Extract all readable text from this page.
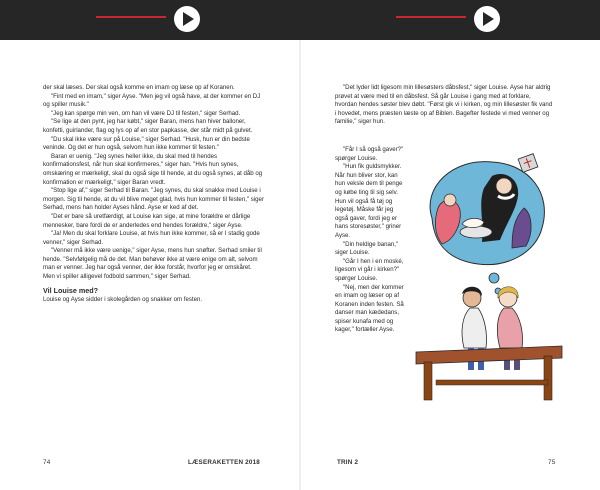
der skal læses. Der skal også komme en imam og læse op af Koranen.

"Fint med en imam," siger Ayse. "Men jeg vil også have, at der kommer en DJ og spiller musik."

"Jeg kan spørge min ven, om han vil være DJ til festen," siger Serhad.

"Se lige at den pynt, jeg har købt," siger Baran, mens han hiver balloner, konfetti, guirlander, flag og lys op af en stor papkasse, der står midt på gulvet.

"Du skal ikke være sur på Louise," siger Serhad. "Husk, hun er din bedste veninde. Og det er hun også, selvom hun ikke kommer til festen."

Baran er uenig. "Jeg synes heller ikke, du skal med til hendes konfirmationsfest, når hun skal konfirmeres," siger han. "Hvis hun synes, omskæring er mærkeligt, skal du også sige til hende, at du også synes, at dåb og konfirmation er mærkeligt," siger Baran vredt.

"Stop lige af," siger Serhad til Baran. "Jeg synes, du skal snakke med Louise i morgen. Sig til hende, at du vil blive meget glad, hvis hun kommer til festen," siger Serhad, mens han holder Ayses hånd. Ayse er ked af det.

"Det er bare så uretfærdigt, at Louise kan sige, at mine forældre er dårlige mennesker, bare fordi de er anderledes end hendes forældre," siger Ayse.

"Ja! Men du skal forklare Louise, at hvis hun ikke kommer, så er I stadig gode venner," siger Serhad.

"Venner må ikke være uenige," siger Ayse, mens hun snøfter. Serhad smiler til hende. "Selvfølgelig må de det. Man behøver ikke at være enige om alt, selvom man er venner. Jeg har også venner, der ikke forstår, hvorfor jeg er omskåret. Men vi spiller alligevel fodbold sammen," siger Serhad.

Vil Louise med?

Louise og Ayse sidder i skolegården og snakker om festen.

74	LÆSERAKETTEN 2018

"Det lyder lidt ligesom min lillesøsters dåbsfest," siger Louise. Ayse har aldrig prøvet at være med til en dåbsfest. Så går Louise i gang med at forklare, hvordan hendes søster blev døbt. "Først gik vi i kirken, og min lillesøster fik vand i hovedet, mens præsten læste op af Biblen. Bagefter festede vi med venner og familie," siger hun.

"Får I så også gaver?" spørger Louise.

"Hun fik guldsmykker. Når hun bliver stor, kan hun veksle dem til penge og købe ting til sig selv. Hun vil også få tøj og legetøj. Måske får jeg også gaver, fordi jeg er hans storesøster," griner Ayse.

"Din heldige banan," siger Louise.

"Går I hen i en moské, ligesom vi går i kirken?" spørger Louise.

"Nej, men der kommer en imam og læser op af Koranen inden festen. Så danser man kædedans, spiser kunafa med og kager," fortæller Ayse.

TRIN 2	75
